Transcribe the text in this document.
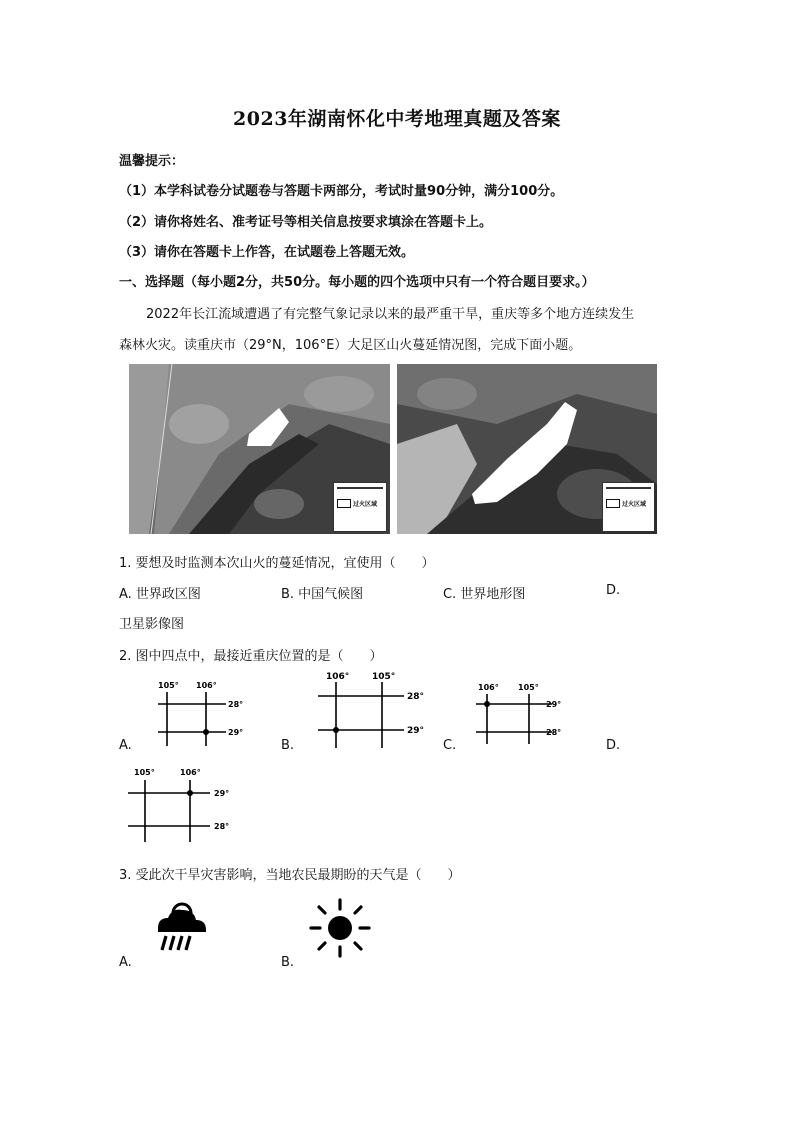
2023年湖南怀化中考地理真题及答案
温馨提示：
（1）本学科试卷分试题卷与答题卡两部分，考试时量90分钟，满分100分。
（2）请你将姓名、准考证号等相关信息按要求填涂在答题卡上。
（3）请你在答题卡上作答，在试题卷上答题无效。
一、选择题（每小题2分，共50分。每小题的四个选项中只有一个符合题目要求。）
2022年长江流域遭遇了有完整气象记录以来的最严重干旱，重庆等多个地方连续发生
森林火灾。读重庆市（29°N，106°E）大足区山火蔓延情况图，完成下面小题。
过火区域	过火区域
1. 要想及时监测本次山火的蔓延情况，宜使用（　　）
A. 世界政区图	B. 中国气候图	C. 世界地形图	D.
卫星影像图
2. 图中四点中，最接近重庆位置的是（　　）
A.
105° 106°
28°
29°
B.
106°	105°
28°
29°
C.
106° 105°
29°
28°
D.
105°	106°
29°
28°
3. 受此次干旱灾害影响，当地农民最期盼的天气是（　　）
A.	B.
